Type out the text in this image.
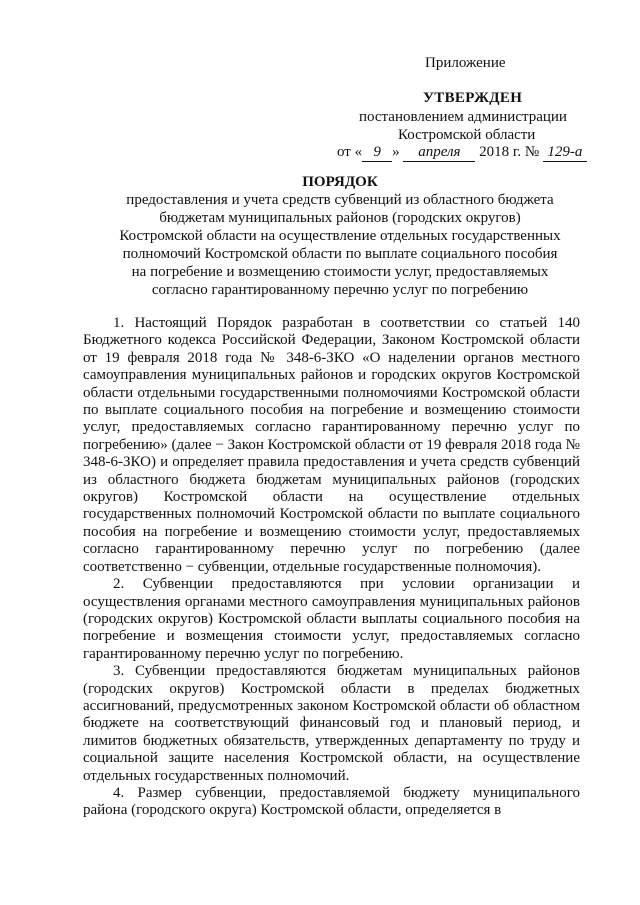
Приложение
УТВЕРЖДЕН
постановлением администрации
Костромской области
от « 9 » апреля 2018 г. № 129-а
ПОРЯДОК
предоставления и учета средств субвенций из областного бюджета
бюджетам муниципальных районов (городских округов)
Костромской области на осуществление отдельных государственных
полномочий Костромской области по выплате социального пособия
на погребение и возмещению стоимости услуг, предоставляемых
согласно гарантированному перечню услуг по погребению

1. Настоящий Порядок разработан в соответствии со статьей 140 Бюджетного кодекса Российской Федерации, Законом Костромской области от 19 февраля 2018 года № 348-6-ЗКО «О наделении органов местного самоуправления муниципальных районов и городских округов Костромской области отдельными государственными полномочиями Костромской области по выплате социального пособия на погребение и возмещению стоимости услуг, предоставляемых согласно гарантированному перечню услуг по погребению» (далее − Закон Костромской области от 19 февраля 2018 года № 348-6-ЗКО) и определяет правила предоставления и учета средств субвенций из областного бюджета бюджетам муниципальных районов (городских округов) Костромской области на осуществление отдельных государственных полномочий Костромской области по выплате социального пособия на погребение и возмещению стоимости услуг, предоставляемых согласно гарантированному перечню услуг по погребению (далее соответственно − субвенции, отдельные государственные полномочия).

2. Субвенции предоставляются при условии организации и осуществления органами местного самоуправления муниципальных районов (городских округов) Костромской области выплаты социального пособия на погребение и возмещения стоимости услуг, предоставляемых согласно гарантированному перечню услуг по погребению.

3. Субвенции предоставляются бюджетам муниципальных районов (городских округов) Костромской области в пределах бюджетных ассигнований, предусмотренных законом Костромской области об областном бюджете на соответствующий финансовый год и плановый период, и лимитов бюджетных обязательств, утвержденных департаменту по труду и социальной защите населения Костромской области, на осуществление отдельных государственных полномочий.

4. Размер субвенции, предоставляемой бюджету муниципального района (городского округа) Костромской области, определяется в
